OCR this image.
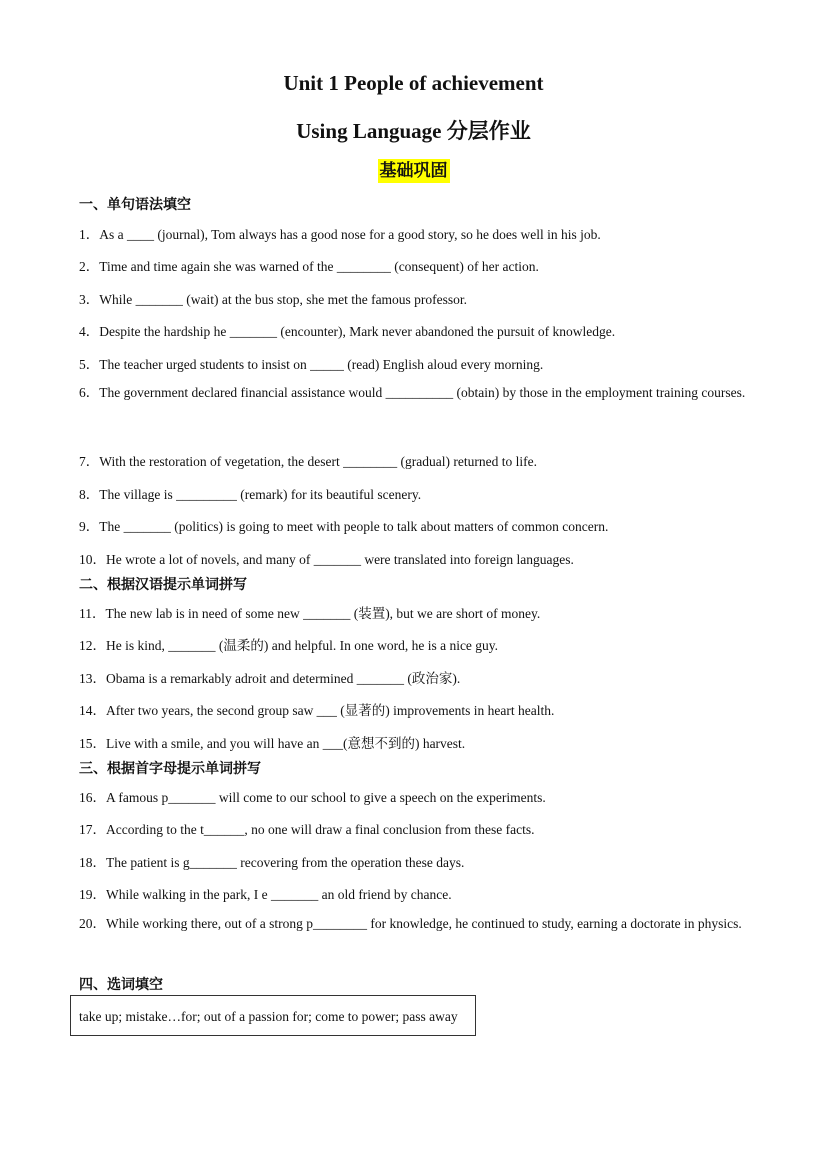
Unit 1 People of achievement
Using Language 分层作业
基础巩固
一、单句语法填空
1．As a ____ (journal), Tom always has a good nose for a good story, so he does well in his job.
2．Time and time again she was warned of the ________ (consequent) of her action.
3．While _______ (wait) at the bus stop, she met the famous professor.
4．Despite the hardship he _______ (encounter), Mark never abandoned the pursuit of knowledge.
5．The teacher urged students to insist on _____ (read) English aloud every morning.
6．The government declared financial assistance would __________ (obtain) by those in the employment training courses.
7．With the restoration of vegetation, the desert ________ (gradual) returned to life.
8．The village is _________ (remark) for its beautiful scenery.
9．The _______ (politics) is going to meet with people to talk about matters of common concern.
10．He wrote a lot of novels, and many of _______ were translated into foreign languages.
二、根据汉语提示单词拼写
11．The new lab is in need of some new _______ (装置), but we are short of money.
12．He is kind, _______ (温柔的) and helpful. In one word, he is a nice guy.
13．Obama is a remarkably adroit and determined _______ (政治家).
14．After two years, the second group saw ___ (显著的) improvements in heart health.
15．Live with a smile, and you will have an ___(意想不到的) harvest.
三、根据首字母提示单词拼写
16．A famous p_______ will come to our school to give a speech on the experiments.
17．According to the t______, no one will draw a final conclusion from these facts.
18．The patient is g_______ recovering from the operation these days.
19．While walking in the park, I e _______ an old friend by chance.
20．While working there, out of a strong p________ for knowledge, he continued to study, earning a doctorate in physics.
四、选词填空
take up; mistake…for; out of a passion for; come to power; pass away
